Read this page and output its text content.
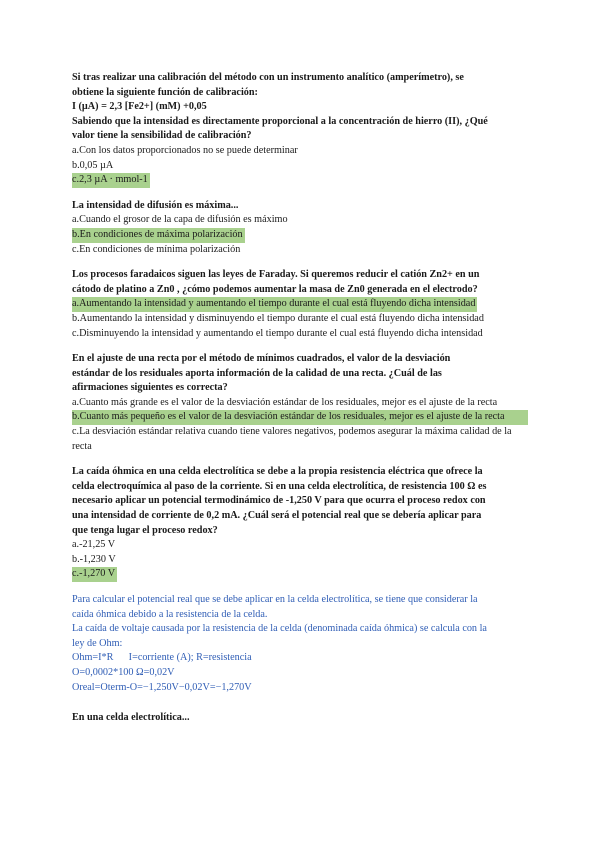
Si tras realizar una calibración del método con un instrumento analítico (amperímetro), se

obtiene la siguiente función de calibración:

I (µA) = 2,3 [Fe2+] (mM) +0,05

Sabiendo que la intensidad es directamente proporcional a la concentración de hierro (II), ¿Qué

valor tiene la sensibilidad de calibración?

a.Con los datos proporcionados no se puede determinar

b.0,05 µA

c.2,3 µA · mmol-1

La intensidad de difusión es máxima...

a.Cuando el grosor de la capa de difusión es máximo

b.En condiciones de máxima polarización

c.En condiciones de mínima polarización

Los procesos faradaicos siguen las leyes de Faraday. Si queremos reducir el catión Zn2+ en un

cátodo de platino a Zn0 , ¿cómo podemos aumentar la masa de Zn0 generada en el electrodo?

a.Aumentando la intensidad y aumentando el tiempo durante el cual está fluyendo dicha intensidad

b.Aumentando la intensidad y disminuyendo el tiempo durante el cual está fluyendo dicha intensidad

c.Disminuyendo la intensidad y aumentando el tiempo durante el cual está fluyendo dicha intensidad

En el ajuste de una recta por el método de mínimos cuadrados, el valor de la desviación

estándar de los residuales aporta información de la calidad de una recta. ¿Cuál de las

afirmaciones siguientes es correcta?

a.Cuanto más grande es el valor de la desviación estándar de los residuales, mejor es el ajuste de la recta

b.Cuanto más pequeño es el valor de la desviación estándar de los residuales, mejor es el ajuste de la recta

c.La desviación estándar relativa cuando tiene valores negativos, podemos asegurar la máxima calidad de la recta

La caída óhmica en una celda electrolítica se debe a la propia resistencia eléctrica que ofrece la

celda electroquímica al paso de la corriente. Si en una celda electrolítica, de resistencia 100 Ω es

necesario aplicar un potencial termodinámico de -1,250 V para que ocurra el proceso redox con

una intensidad de corriente de 0,2 mA. ¿Cuál será el potencial real que se debería aplicar para

que tenga lugar el proceso redox?

a.-21,25 V

b.-1,230 V

c.-1,270 V

Para calcular el potencial real que se debe aplicar en la celda electrolítica, se tiene que considerar la

caída óhmica debido a la resistencia de la celda.

La caída de voltaje causada por la resistencia de la celda (denominada caída óhmica) se calcula con la

ley de Ohm:

Ohm=I*R      I=corriente (A); R=resistencia

O=0,0002*100 Ω=0,02V

Oreal=Oterm-O=−1,250V−0,02V=−1,270V

En una celda electrolítica...
